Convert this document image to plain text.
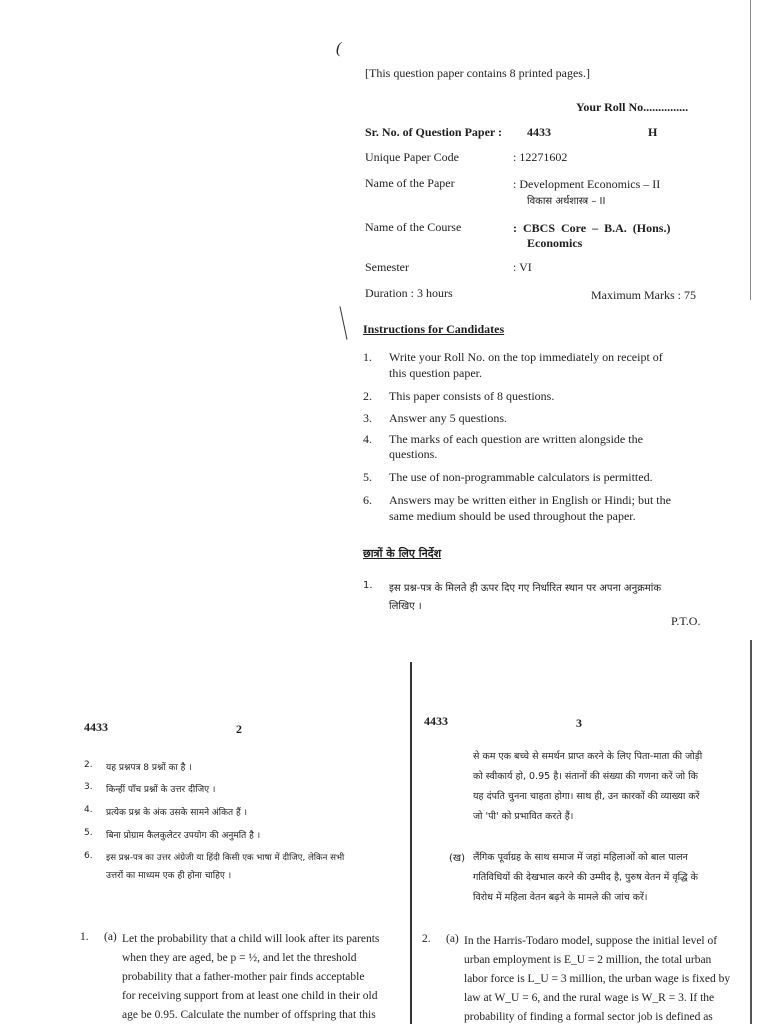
(
[This question paper contains 8 printed pages.]
Your Roll No...............
Sr. No. of Question Paper : 4433	H
Unique Paper Code	: 12271602
Name of the Paper	: Development Economics – II
विकास अर्थशास्त्र – II
Name of the Course	: CBCS Core – B.A. (Hons.)
Economics
Semester	: VI
Duration : 3 hours	Maximum Marks : 75
Instructions for Candidates
1.	Write your Roll No. on the top immediately on receipt of
this question paper.
2.	This paper consists of 8 questions.
3.	Answer any 5 questions.
4.	The marks of each question are written alongside the
questions.
5.	The use of non-programmable calculators is permitted.
6.	Answers may be written either in English or Hindi; but the
same medium should be used throughout the paper.
छात्रों के लिए निर्देश
1. इस प्रश्न-पत्र के मिलते ही ऊपर दिए गए निर्धारित स्थान पर अपना अनुक्रमांक
लिखिए ।
P.T.O.
4433	2
2. यह प्रश्नपत्र 8 प्रश्नों का है ।
3. किन्हीं पाँच प्रश्नों के उत्तर दीजिए ।
4. प्रत्येक प्रश्न के अंक उसके सामने अंकित हैं ।
5. बिना प्रोग्राम कैलकुलेटर उपयोग की अनुमति है ।
6. इस प्रश्न-पत्र का उत्तर अंग्रेजी या हिंदी किसी एक भाषा में दीजिए, लेकिन सभी
उत्तरों का माध्यम एक ही होना चाहिए ।
1. (a) Let the probability that a child will look after its parents
when they are aged, be p = ½, and let the threshold
probability that a father-mother pair finds acceptable
for receiving support from at least one child in their old
age be 0.95. Calculate the number of offspring that this
4433	3
से कम एक बच्चे से समर्थन प्राप्त करने के लिए पिता-माता की जोड़ी
को स्वीकार्य हो, 0.95 है। संतानों की संख्या की गणना करें जो कि
यह दंपति चुनना चाहता होगा। साथ ही, उन कारकों की व्याख्या करें
जो 'पी' को प्रभावित करते हैं।
(ख) लैंगिक पूर्वाग्रह के साथ समाज में जहां महिलाओं को बाल पालन
गतिविधियों की देखभाल करने की उम्मीद है, पुरुष वेतन में वृद्धि के
विरोध में महिला वेतन बढ़ने के मामले की जांच करें।
2. (a) In the Harris-Todaro model, suppose the initial level of
urban employment is E_U = 2 million, the total urban
labor force is L_U = 3 million, the urban wage is fixed by
law at W_U = 6, and the rural wage is W_R = 3. If the
probability of finding a formal sector job is defined as
